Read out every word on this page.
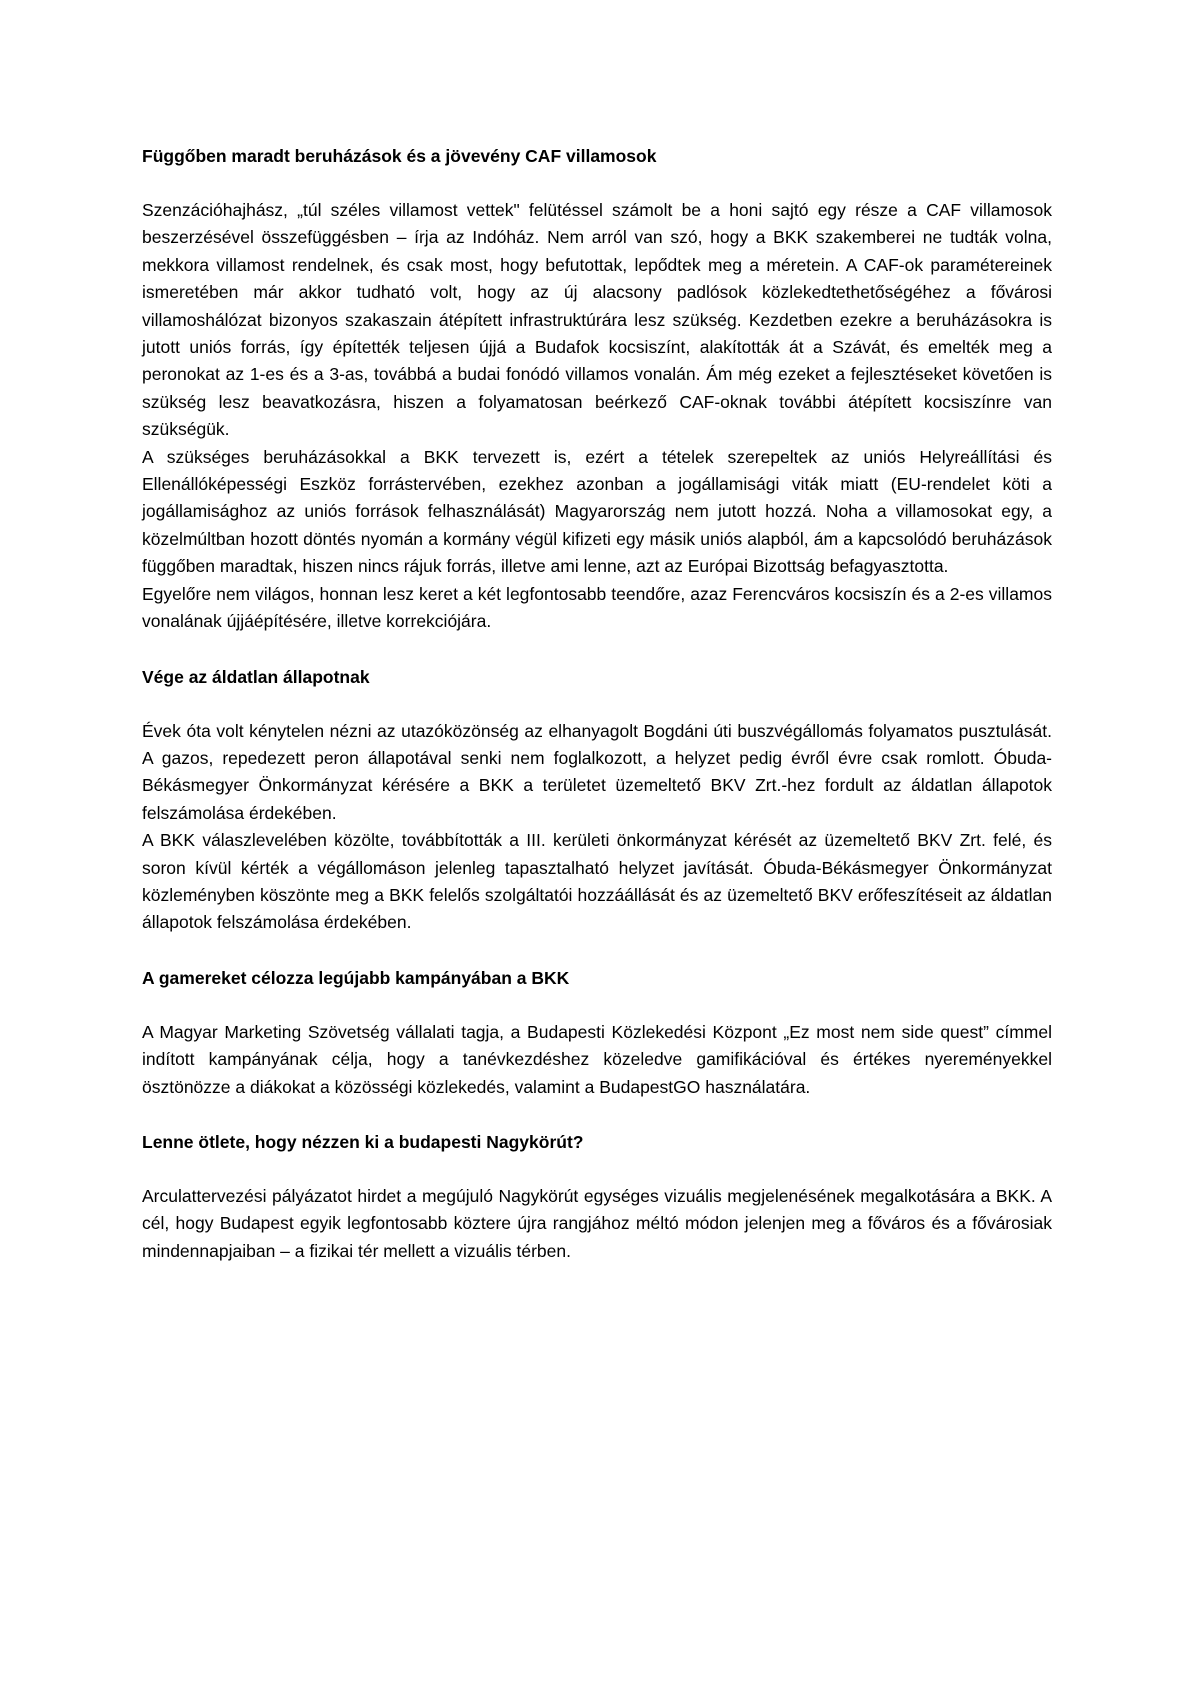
Függőben maradt beruházások és a jövevény CAF villamosok

Szenzációhajhász, „túl széles villamost vettek" felütéssel számolt be a honi sajtó egy része a CAF villamosok beszerzésével összefüggésben – írja az Indóház. Nem arról van szó, hogy a BKK szakemberei ne tudták volna, mekkora villamost rendelnek, és csak most, hogy befutottak, lepődtek meg a méretein. A CAF-ok paramétereinek ismeretében már akkor tudható volt, hogy az új alacsony padlósok közlekedtethetőségéhez a fővárosi villamoshálózat bizonyos szakaszain átépített infrastruktúrára lesz szükség. Kezdetben ezekre a beruházásokra is jutott uniós forrás, így építették teljesen újjá a Budafok kocsiszínt, alakították át a Szávát, és emelték meg a peronokat az 1-es és a 3-as, továbbá a budai fonódó villamos vonalán. Ám még ezeket a fejlesztéseket követően is szükség lesz beavatkozásra, hiszen a folyamatosan beérkező CAF-oknak további átépített kocsiszínre van szükségük.

A szükséges beruházásokkal a BKK tervezett is, ezért a tételek szerepeltek az uniós Helyreállítási és Ellenállóképességi Eszköz forrástervében, ezekhez azonban a jogállamisági viták miatt (EU-rendelet köti a jogállamisághoz az uniós források felhasználását) Magyarország nem jutott hozzá. Noha a villamosokat egy, a közelmúltban hozott döntés nyomán a kormány végül kifizeti egy másik uniós alapból, ám a kapcsolódó beruházások függőben maradtak, hiszen nincs rájuk forrás, illetve ami lenne, azt az Európai Bizottság befagyasztotta.

Egyelőre nem világos, honnan lesz keret a két legfontosabb teendőre, azaz Ferencváros kocsiszín és a 2-es villamos vonalának újjáépítésére, illetve korrekciójára.

Vége az áldatlan állapotnak

Évek óta volt kénytelen nézni az utazóközönség az elhanyagolt Bogdáni úti buszvégállomás folyamatos pusztulását. A gazos, repedezett peron állapotával senki nem foglalkozott, a helyzet pedig évről évre csak romlott. Óbuda-Békásmegyer Önkormányzat kérésére a BKK a területet üzemeltető BKV Zrt.-hez fordult az áldatlan állapotok felszámolása érdekében.

A BKK válaszlevelében közölte, továbbították a III. kerületi önkormányzat kérését az üzemeltető BKV Zrt. felé, és soron kívül kérték a végállomáson jelenleg tapasztalható helyzet javítását. Óbuda-Békásmegyer Önkormányzat közleményben köszönte meg a BKK felelős szolgáltatói hozzáállását és az üzemeltető BKV erőfeszítéseit az áldatlan állapotok felszámolása érdekében.

A gamereket célozza legújabb kampányában a BKK

A Magyar Marketing Szövetség vállalati tagja, a Budapesti Közlekedési Központ „Ez most nem side quest” címmel indított kampányának célja, hogy a tanévkezdéshez közeledve gamifikációval és értékes nyereményekkel ösztönözze a diákokat a közösségi közlekedés, valamint a BudapestGO használatára.

Lenne ötlete, hogy nézzen ki a budapesti Nagykörút?

Arculattervezési pályázatot hirdet a megújuló Nagykörút egységes vizuális megjelenésének megalkotására a BKK. A cél, hogy Budapest egyik legfontosabb köztere újra rangjához méltó módon jelenjen meg a főváros és a fővárosiak mindennapjaiban – a fizikai tér mellett a vizuális térben.
